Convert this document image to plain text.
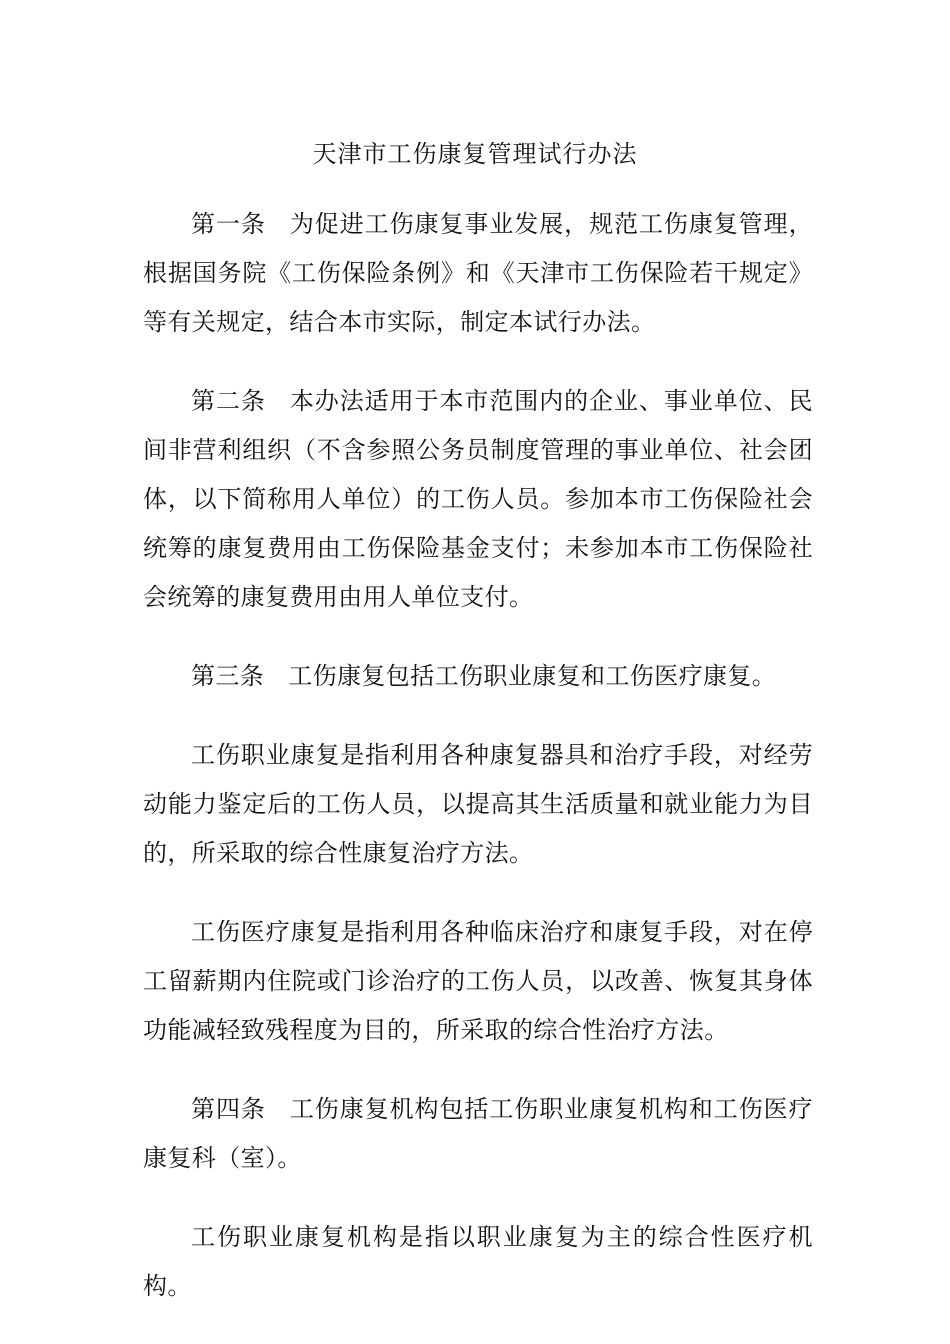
天津市工伤康复管理试行办法

第一条 为促进工伤康复事业发展，规范工伤康复管理，根据国务院《工伤保险条例》和《天津市工伤保险若干规定》等有关规定，结合本市实际，制定本试行办法。

第二条 本办法适用于本市范围内的企业、事业单位、民间非营利组织（不含参照公务员制度管理的事业单位、社会团体，以下简称用人单位）的工伤人员。参加本市工伤保险社会统筹的康复费用由工伤保险基金支付；未参加本市工伤保险社会统筹的康复费用由用人单位支付。

第三条 工伤康复包括工伤职业康复和工伤医疗康复。

工伤职业康复是指利用各种康复器具和治疗手段，对经劳动能力鉴定后的工伤人员，以提高其生活质量和就业能力为目的，所采取的综合性康复治疗方法。

工伤医疗康复是指利用各种临床治疗和康复手段，对在停工留薪期内住院或门诊治疗的工伤人员，以改善、恢复其身体功能减轻致残程度为目的，所采取的综合性治疗方法。

第四条 工伤康复机构包括工伤职业康复机构和工伤医疗康复科（室）。

工伤职业康复机构是指以职业康复为主的综合性医疗机构。
